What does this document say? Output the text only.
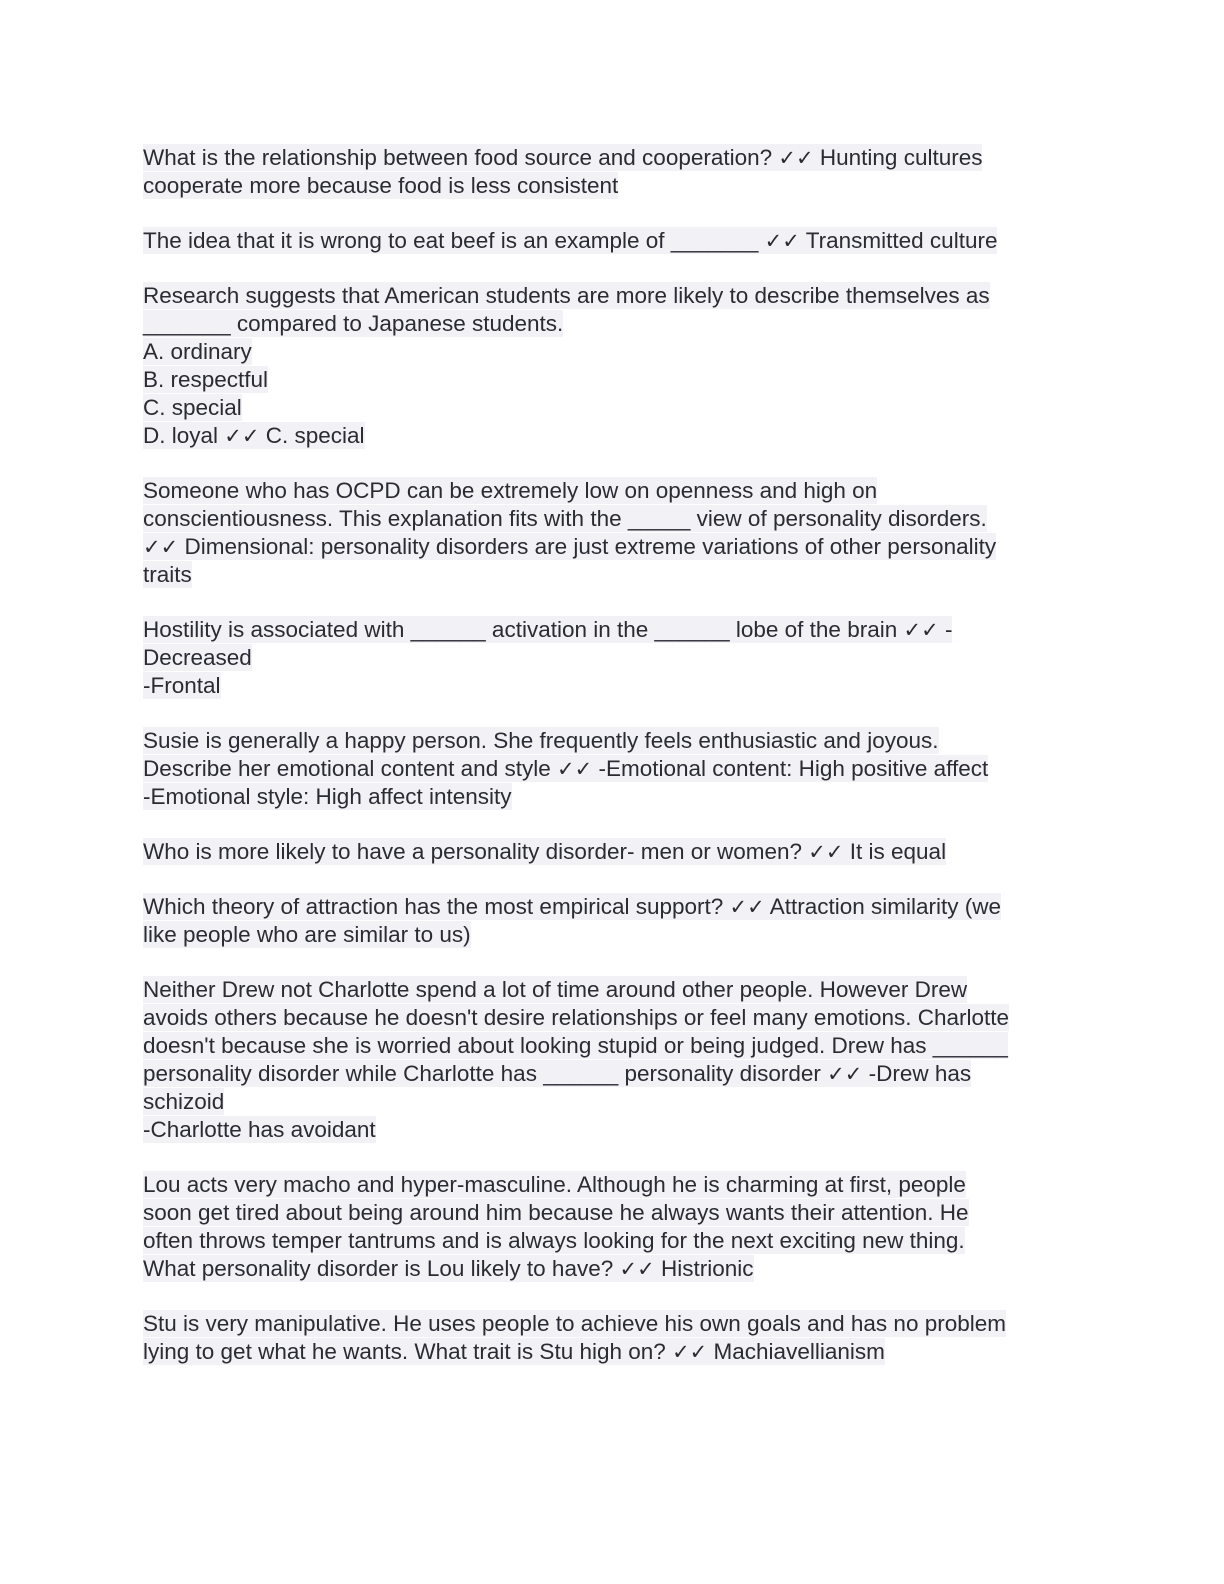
What is the relationship between food source and cooperation? ✓✓ Hunting cultures
cooperate more because food is less consistent
The idea that it is wrong to eat beef is an example of _______ ✓✓ Transmitted culture
Research suggests that American students are more likely to describe themselves as
_______ compared to Japanese students.
A. ordinary
B. respectful
C. special
D. loyal ✓✓ C. special
Someone who has OCPD can be extremely low on openness and high on
conscientiousness. This explanation fits with the _____ view of personality disorders.
✓✓ Dimensional: personality disorders are just extreme variations of other personality
traits
Hostility is associated with ______ activation in the ______ lobe of the brain ✓✓ -
Decreased
-Frontal
Susie is generally a happy person. She frequently feels enthusiastic and joyous.
Describe her emotional content and style ✓✓ -Emotional content: High positive affect
-Emotional style: High affect intensity
Who is more likely to have a personality disorder- men or women? ✓✓ It is equal
Which theory of attraction has the most empirical support? ✓✓ Attraction similarity (we
like people who are similar to us)
Neither Drew not Charlotte spend a lot of time around other people. However Drew
avoids others because he doesn't desire relationships or feel many emotions. Charlotte
doesn't because she is worried about looking stupid or being judged. Drew has ______
personality disorder while Charlotte has ______ personality disorder ✓✓ -Drew has
schizoid
-Charlotte has avoidant
Lou acts very macho and hyper-masculine. Although he is charming at first, people
soon get tired about being around him because he always wants their attention. He
often throws temper tantrums and is always looking for the next exciting new thing.
What personality disorder is Lou likely to have? ✓✓ Histrionic
Stu is very manipulative. He uses people to achieve his own goals and has no problem
lying to get what he wants. What trait is Stu high on? ✓✓ Machiavellianism
